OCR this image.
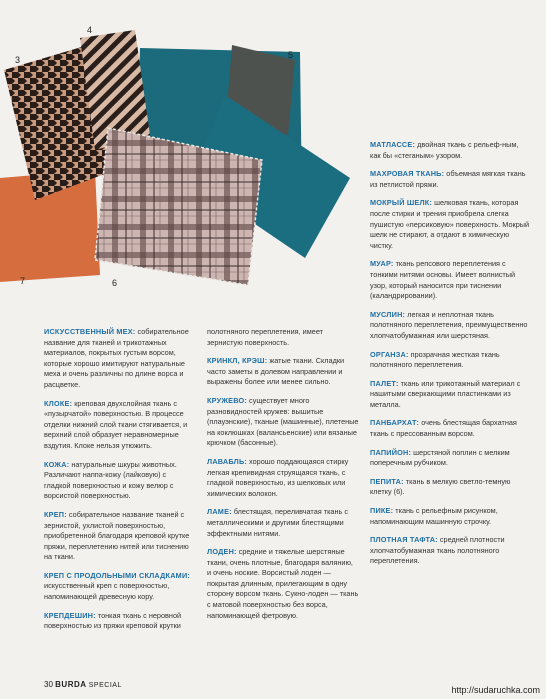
3
4
5
6
7

МАТЛАССЕ: двойная ткань с рельеф-ным, как бы «стеганым» узором.

МАХРОВАЯ ТКАНЬ: объемная мягкая ткань из петлистой пряжи.

МОКРЫЙ ШЕЛК: шелковая ткань, которая после стирки и трения приобрела слегка пушистую «персиковую» поверхность. Мокрый шелк не стирают, а отдают в химическую чистку.

МУАР: ткань репсового переплетения с тонкими нитями основы. Имеет волнистый узор, который наносится при тиснении (каландрировании).

МУСЛИН: легкая и неплотная ткань полотняного переплетения, преимущественно хлопчатобумажная или шерстяная.

ОРГАНЗА: прозрачная жесткая ткань полотняного переплетения.

ПАЛЕТ: ткань или трикотажный материал с нашитыми сверкающими пластинками из металла.

ПАНБАРХАТ: очень блестящая бархатная ткань с прессованным ворсом.

ПАПИЙОН: шерстяной поплин с мелким поперечным рубчиком.

ПЕПИТА: ткань в мелкую светло-темную клетку (6).

ПИКЕ: ткань с рельефным рисунком, напоминающим машинную строчку.

ПЛОТНАЯ ТАФТА: средней плотности хлопчатобумажная ткань полотняного переплетения.

ИСКУССТВЕННЫЙ МЕХ: собирательное название для тканей и трикотажных материалов, покрытых густым ворсом, которые хорошо имитируют натуральные меха и очень различны по длине ворса и расцветке.

КЛОКЕ: креповая двухслойная ткань с «пузырчатой» поверхностью. В процессе отделки нижний слой ткани стягивается, и верхний слой образует неравномерные вздутия. Клоке нельзя утюжить.

КОЖА: натуральные шкуры животных. Различают наппа-кожу (лайковую) с гладкой поверхностью и кожу велюр с ворсистой поверхностью.

КРЕП: собирательное название тканей с зернистой, ухлистой поверхностью, приобретенной благодаря креповой крутке пряжи, переплетению нитей или тиснению на ткани.

КРЕП С ПРОДОЛЬНЫМИ СКЛАДКАМИ: искусственный креп с поверхностью, напоминающей древесную кору.

КРЕПДЕШИН: тонкая ткань с неровной поверхностью из пряжи креповой крутки

полотняного переплетения, имеет зернистую поверхность.

КРИНКЛ, КРЭШ: жатые ткани. Складки часто заметы в долевом направлении и выражены более или менее сильно.

КРУЖЕВО: существует много разновидностей кружев: вышитые (плауэнские), тканые (машинные), плетеные на коклюшках (валансьенские) или вязаные крючком (басонные).

ЛАВАБЛЬ: хорошо поддающаяся стирку легкая крепивидная струящаяся ткань, с гладкой поверхностью, из шелковых или химических волокон.

ЛАМЕ: блестящая, переливчатая ткань с металлическими и другими блестящими эффектными нитями.

ЛОДЕН: средние и тяжелые шерстяные ткани, очень плотные, благодаря валянию, и очень ноские. Ворсистый лоден — покрытая длинным, прилегающим в одну сторону ворсом ткань. Сукно-лоден — ткань с матовой поверхностью без ворса, напоминающей фетровую.

30 BURDA SPECIAL	http://sudaruchka.com
